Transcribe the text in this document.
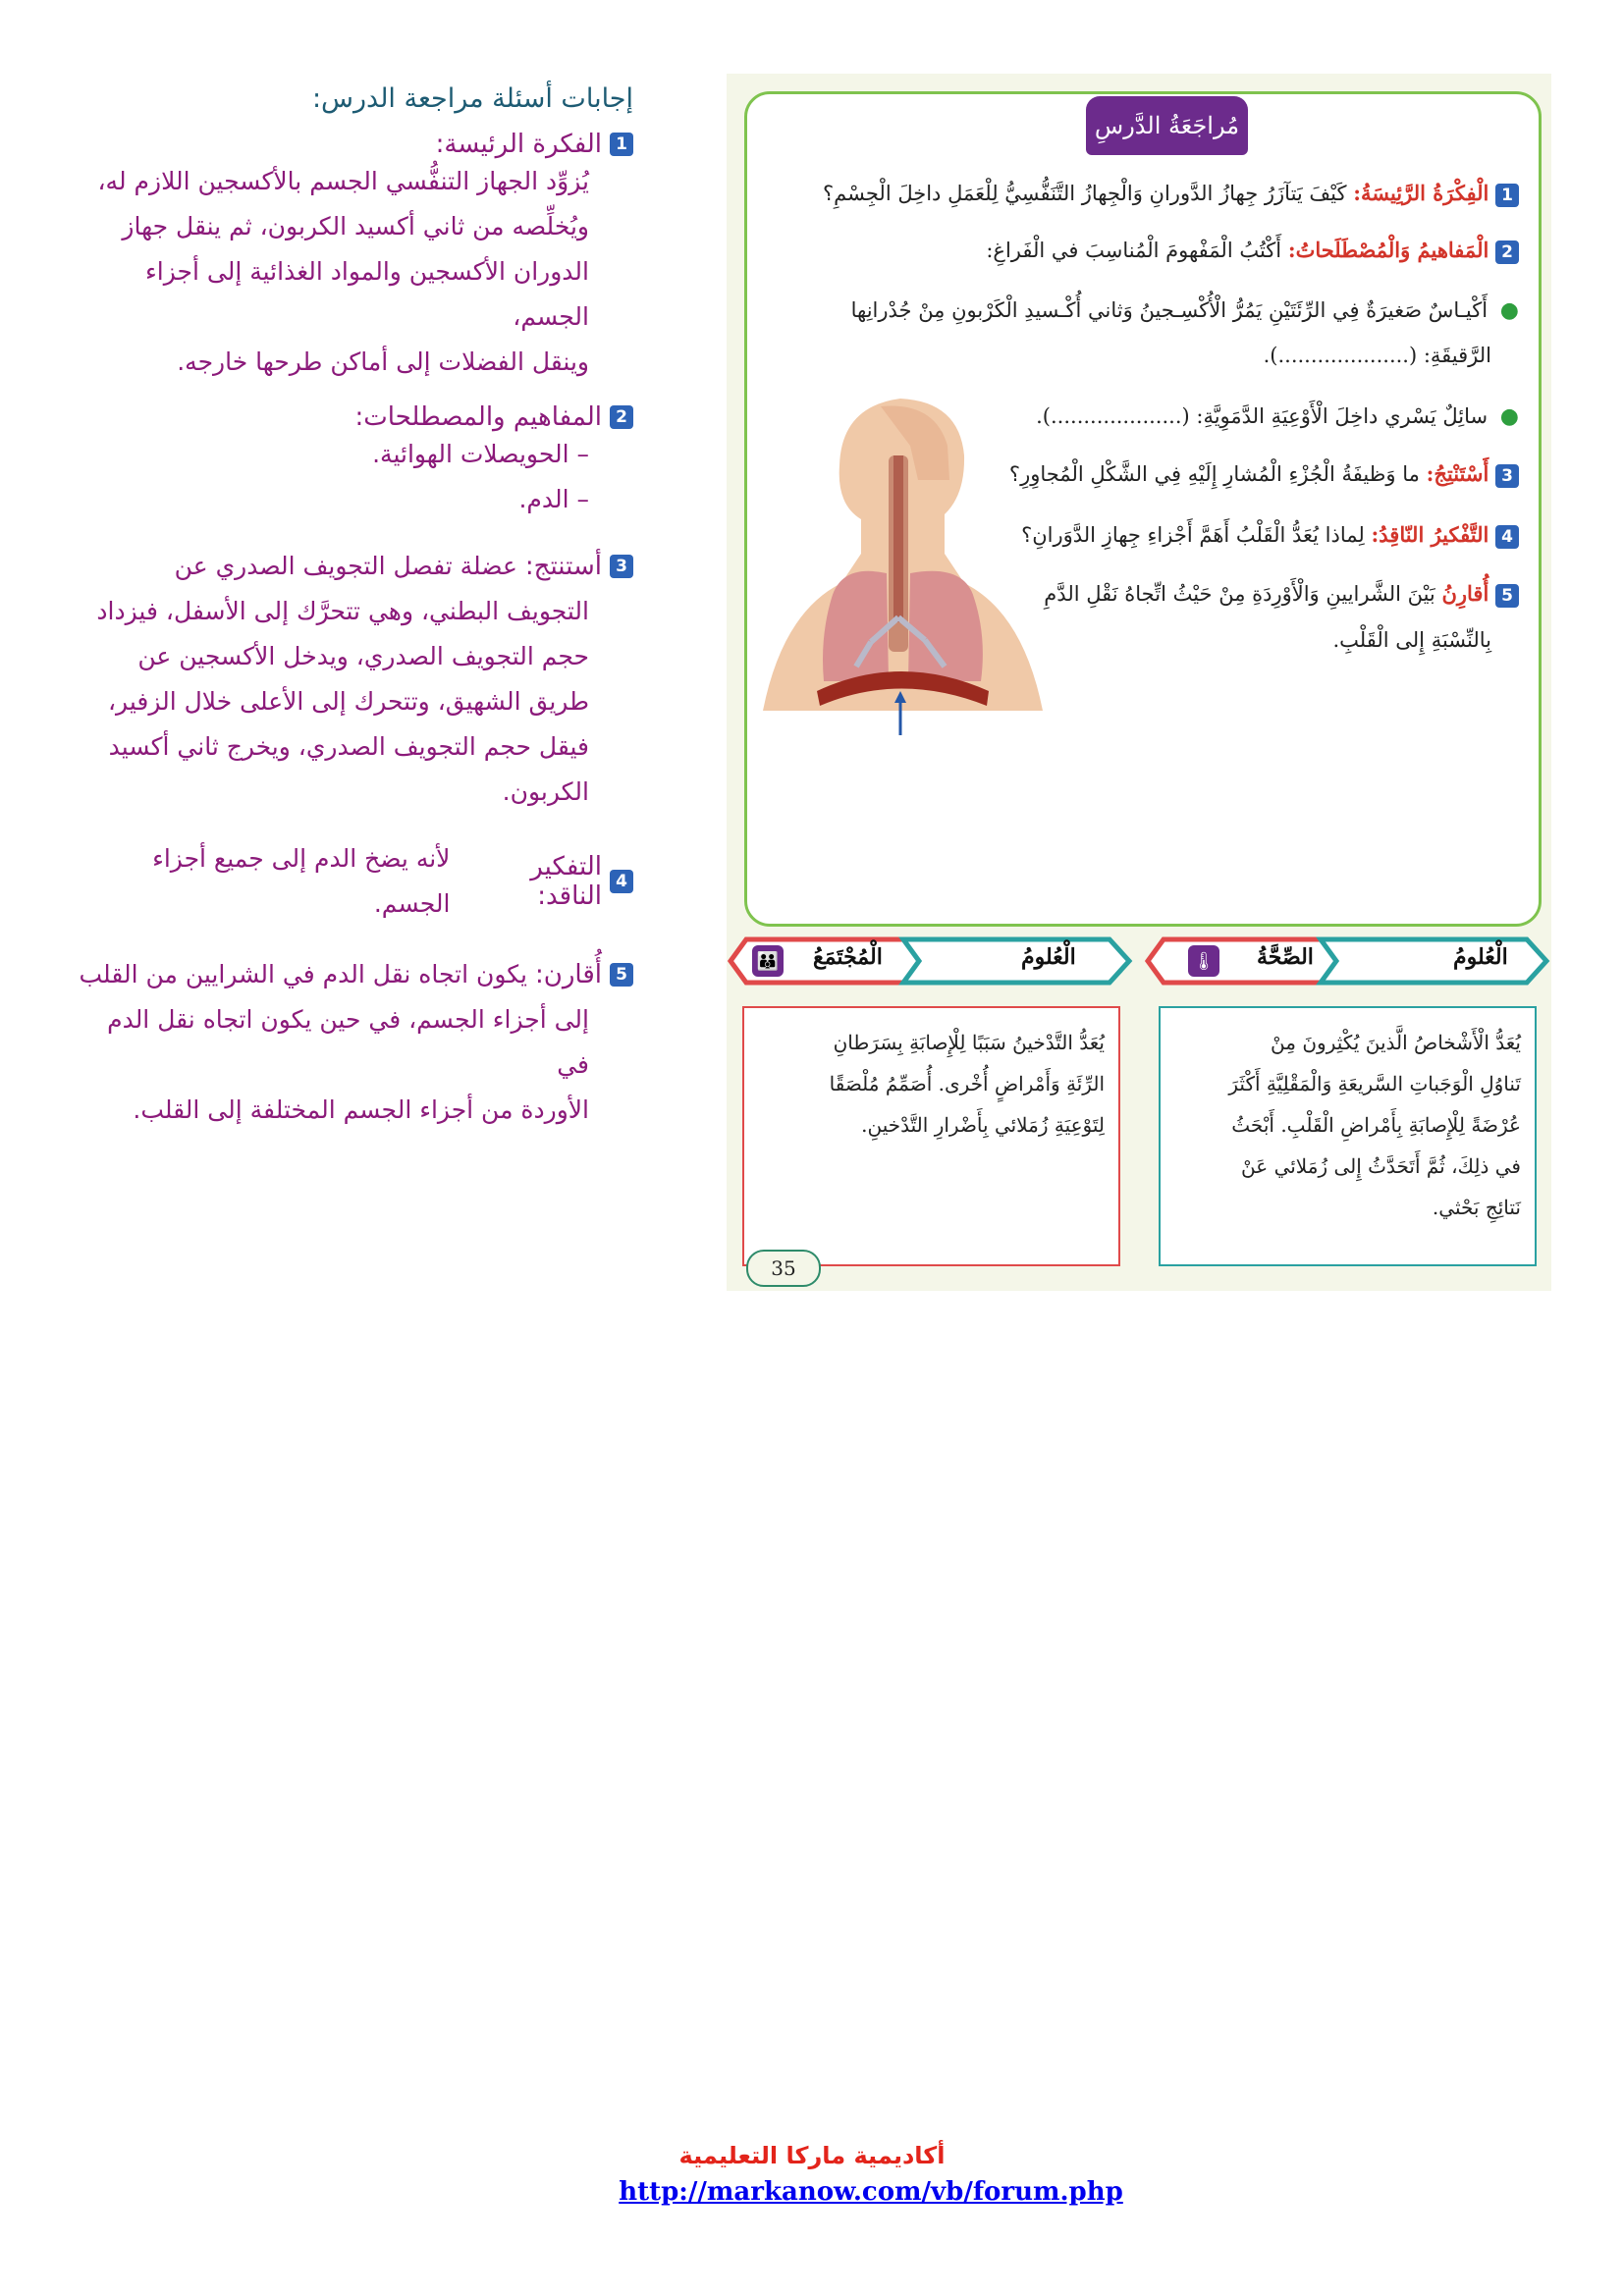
إجابات أسئلة مراجعة الدرس:
1
الفكرة الرئيسة:
يُزوِّد الجهاز التنفُّسي الجسم بالأكسجين اللازم له،
ويُخلِّصه من ثاني أكسيد الكربون، ثم ينقل جهاز
الدوران الأكسجين والمواد الغذائية إلى أجزاء الجسم،
وينقل الفضلات إلى أماكن طرحها خارجه.
2
المفاهيم والمصطلحات:
– الحويصلات الهوائية.
– الدم.
3
أستنتج:
عضلة تفصل التجويف الصدري عن
التجويف البطني، وهي تتحرَّك إلى الأسفل، فيزداد
حجم التجويف الصدري، ويدخل الأكسجين عن
طريق الشهيق، وتتحرك إلى الأعلى خلال الزفير،
فيقل حجم التجويف الصدري، ويخرج ثاني أكسيد
الكربون.
4
التفكير الناقد:
لأنه يضخ الدم إلى جميع أجزاء الجسم.
5
أُقارن:
يكون اتجاه نقل الدم في الشرايين من القلب
إلى أجزاء الجسم، في حين يكون اتجاه نقل الدم في
الأوردة من أجزاء الجسم المختلفة إلى القلب.
مُراجَعَةُ الدَّرسِ
1 الْفِكْرَةُ الرَّئِيسَةُ: كَيْفَ يَتآزَرُ جِهازُ الدَّورانِ وَالْجِهازُ التَّنَفُّسِيُّ لِلْعَمَلِ داخِلَ الْجِسْمِ؟
2 الْمَفاهيمُ وَالْمُصْطَلَحاتُ: أَكْتُبُ الْمَفْهومَ الْمُناسِبَ في الْفَراغِ:
● أَكْيـاسٌ صَغيرَةٌ فِي الرِّئَتَيْنِ يَمُرُّ الْأُكْسِـجينُ وَثاني أُكْـسيدِ الْكَرْبونِ مِنْ جُدْرانِها
الرَّقيقَةِ: (....................).
● سائِلٌ يَسْري داخِلَ الْأَوْعِيَةِ الدَّمَوِيَّةِ: (....................).
3 أَسْتَنْتِجُ: ما وَظيفَةُ الْجُزْءِ الْمُشارِ إِلَيْهِ فِي الشَّكْلِ الْمُجاوِرِ؟
4 التَّفْكيرُ النّاقِدُ: لِماذا يُعَدُّ الْقَلْبُ أَهَمَّ أَجْزاءِ جِهازِ الدَّوَرانِ؟
5 أُقارِنُ بَيْنَ الشَّرايينِ وَالْأَوْرِدَةِ مِنْ حَيْثُ اتِّجاهُ نَقْلِ الدَّمِ
بِالنِّسْبَةِ إِلى الْقَلْبِ.
الْعُلومُ
الْمُجْتَمَعُ
👪	الْعُلومُ
الصِّحَّةُ
🌡
يُعَدُّ التَّدْخينُ سَبَبًا لِلْإِصابَةِ بِسَرَطانِ
الرِّئَةِ وَأَمْراضٍ أُخْرى. أُصَمِّمُ مُلْصَقًا
لِتَوْعِيَةِ زُمَلائي بِأَضْرارِ التَّدْخينِ.
يُعَدُّ الْأَشْخاصُ الَّذينَ يُكْثِرونَ مِنْ
تَناوُلِ الْوَجَباتِ السَّريعَةِ وَالْمَقْلِيَّةِ أَكْثَرَ
عُرْضَةً لِلْإِصابَةِ بِأَمْراضِ الْقَلْبِ. أَبْحَثُ
في ذلِكَ، ثُمَّ أَتَحَدَّثُ إِلى زُمَلائي عَنْ
نَتائِجِ بَحْثي.
35
أكاديمية ماركا التعليمية
http://markanow.com/vb/forum.php
